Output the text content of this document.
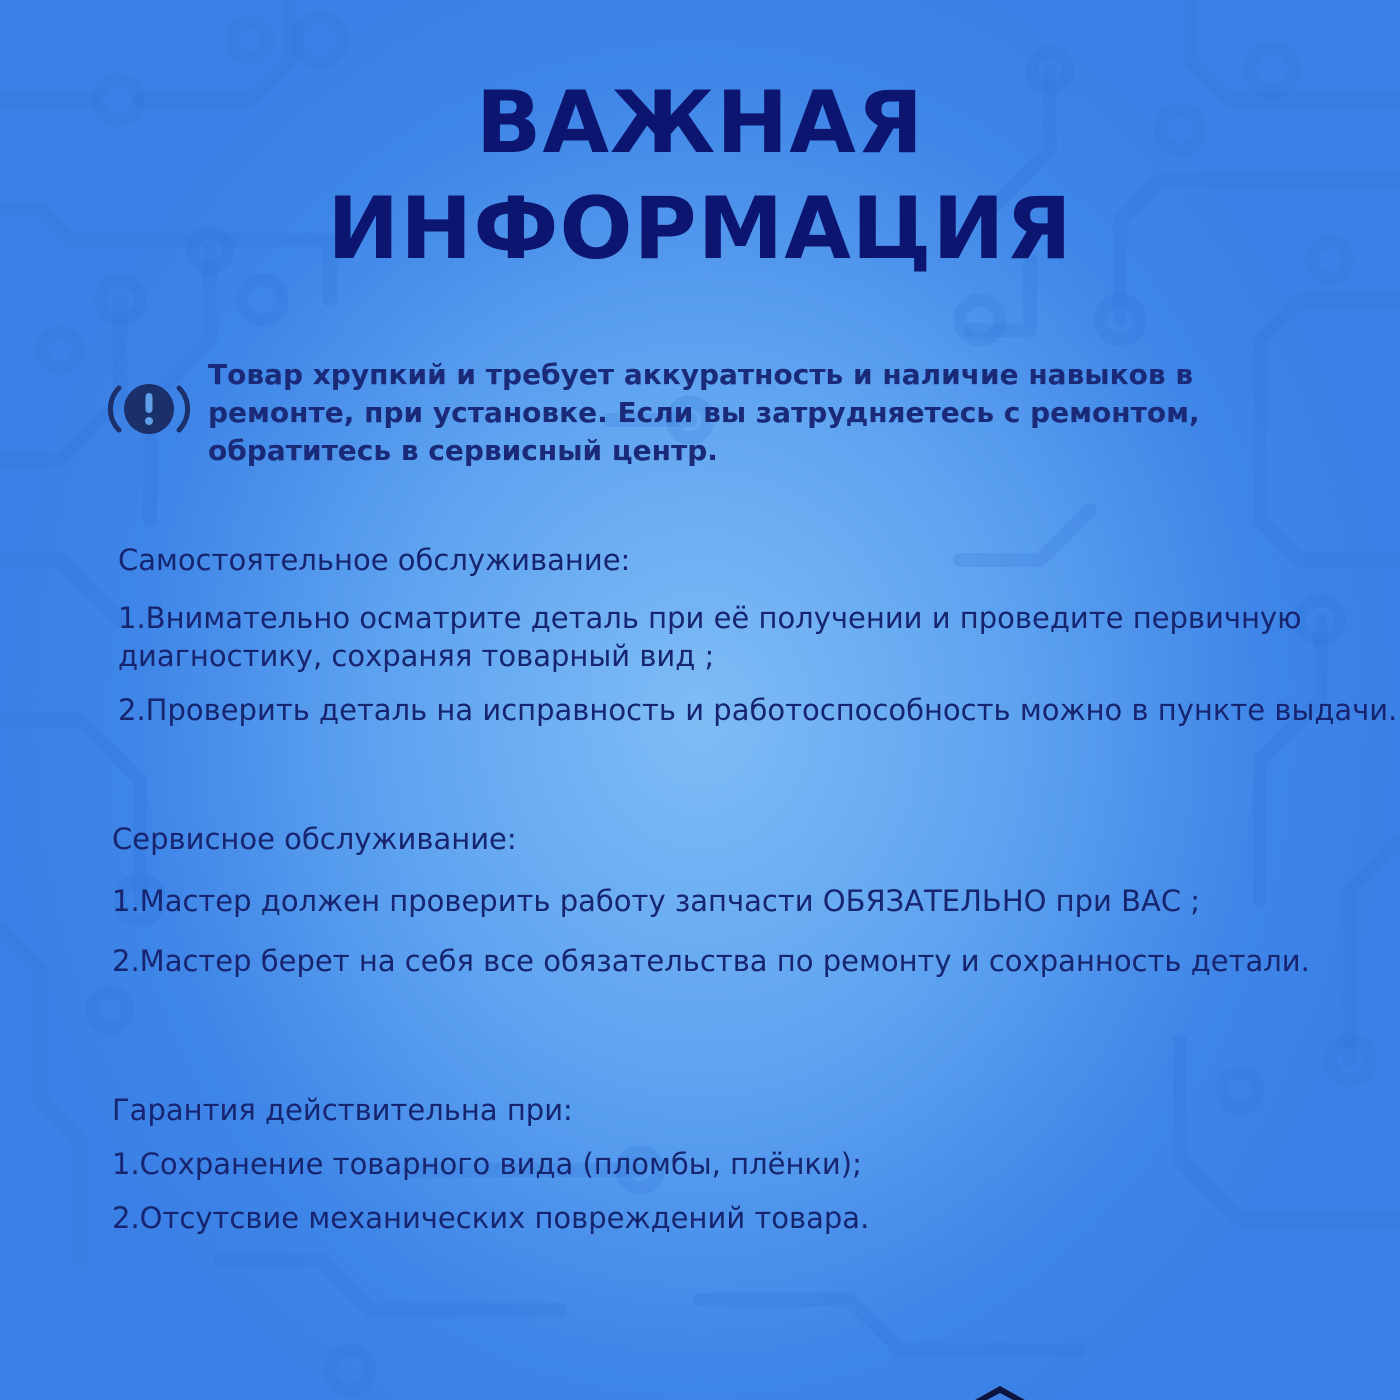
ВАЖНАЯ
ИНФОРМАЦИЯ
Товар хрупкий и требует аккуратность и наличие навыков в ремонте, при установке. Если вы затрудняетесь с ремонтом, обратитесь в сервисный центр.

Самостоятельное обслуживание:

1.Внимательно осматрите деталь при её получении и проведите первичную диагностику, сохраняя товарный вид ;

2.Проверить деталь на исправность и работоспособность можно в пункте выдачи.

Сервисное обслуживание:

1.Мастер должен проверить работу запчасти ОБЯЗАТЕЛЬНО при ВАС ;

2.Мастер берет на себя все обязательства по ремонту и сохранность детали.

Гарантия действительна при:

1.Сохранение товарного вида (пломбы, плёнки);

2.Отсутсвие механических повреждений товара.
